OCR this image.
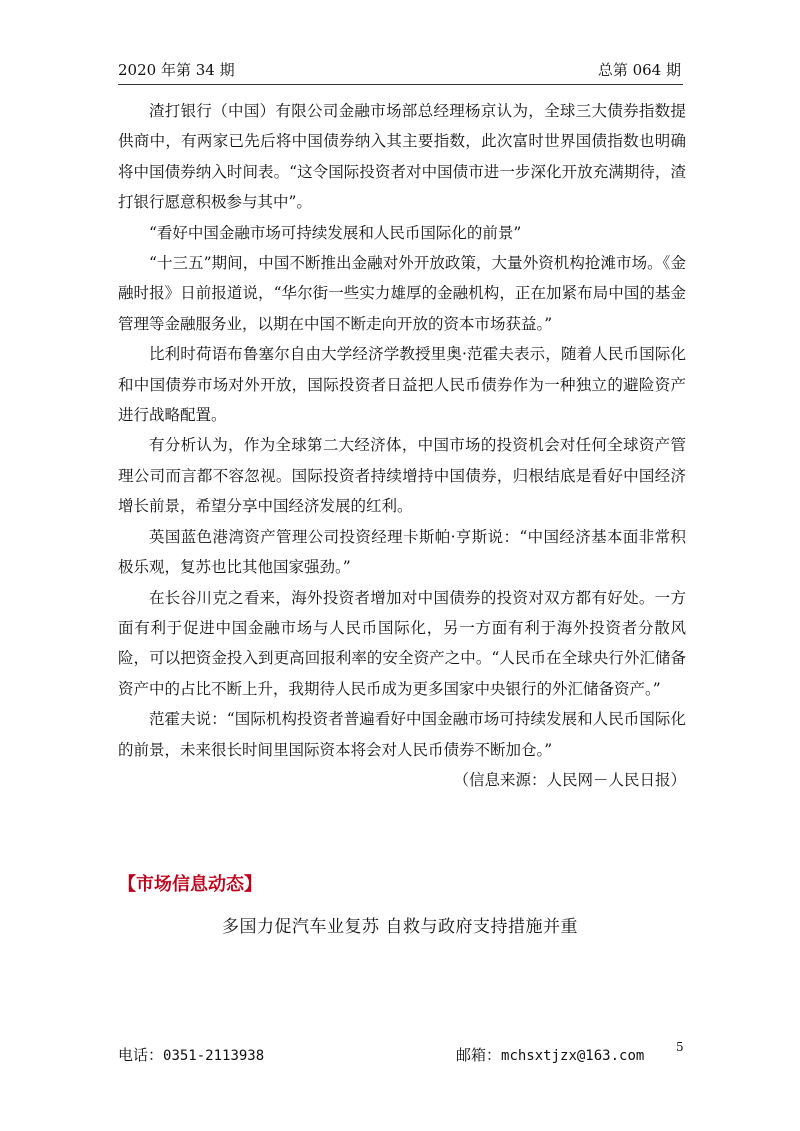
2020 年第 34 期	总第 064 期

渣打银行（中国）有限公司金融市场部总经理杨京认为，全球三大债券指数提供商中，有两家已先后将中国债券纳入其主要指数，此次富时世界国债指数也明确将中国债券纳入时间表。“这令国际投资者对中国债市进一步深化开放充满期待，渣打银行愿意积极参与其中”。

“看好中国金融市场可持续发展和人民币国际化的前景”

“十三五”期间，中国不断推出金融对外开放政策，大量外资机构抢滩市场。《金融时报》日前报道说，“华尔街一些实力雄厚的金融机构，正在加紧布局中国的基金管理等金融服务业，以期在中国不断走向开放的资本市场获益。”

比利时荷语布鲁塞尔自由大学经济学教授里奥·范霍夫表示，随着人民币国际化和中国债券市场对外开放，国际投资者日益把人民币债券作为一种独立的避险资产进行战略配置。

有分析认为，作为全球第二大经济体，中国市场的投资机会对任何全球资产管理公司而言都不容忽视。国际投资者持续增持中国债券，归根结底是看好中国经济增长前景，希望分享中国经济发展的红利。

英国蓝色港湾资产管理公司投资经理卡斯帕·亨斯说：“中国经济基本面非常积极乐观，复苏也比其他国家强劲。”

在长谷川克之看来，海外投资者增加对中国债券的投资对双方都有好处。一方面有利于促进中国金融市场与人民币国际化，另一方面有利于海外投资者分散风险，可以把资金投入到更高回报利率的安全资产之中。“人民币在全球央行外汇储备资产中的占比不断上升，我期待人民币成为更多国家中央银行的外汇储备资产。”

范霍夫说：“国际机构投资者普遍看好中国金融市场可持续发展和人民币国际化的前景，未来很长时间里国际资本将会对人民币债券不断加仓。”

（信息来源：人民网－人民日报）

【市场信息动态】
多国力促汽车业复苏 自救与政府支持措施并重
电话：0351-2113938	邮箱：mchsxtjzx@163.com
5
